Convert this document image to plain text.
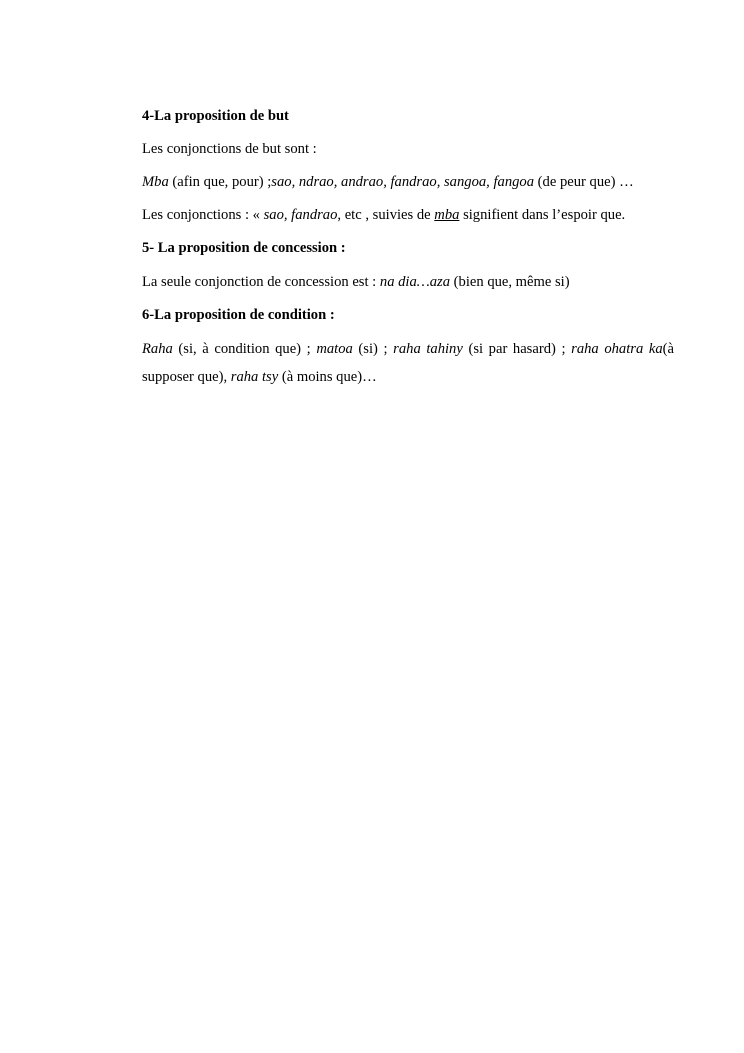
4-La proposition de but

Les conjonctions de but sont :

Mba (afin que, pour) ;sao, ndrao, andrao, fandrao, sangoa, fangoa (de peur que) …

Les conjonctions : « sao, fandrao, etc , suivies de mba signifient dans l’espoir que.

5- La proposition de concession :

La seule conjonction de concession est : na dia…aza (bien que, même si)

6-La proposition de condition :

Raha (si, à condition que) ; matoa (si) ; raha tahiny (si par hasard) ; raha ohatra ka(à supposer que), raha tsy (à moins que)…
